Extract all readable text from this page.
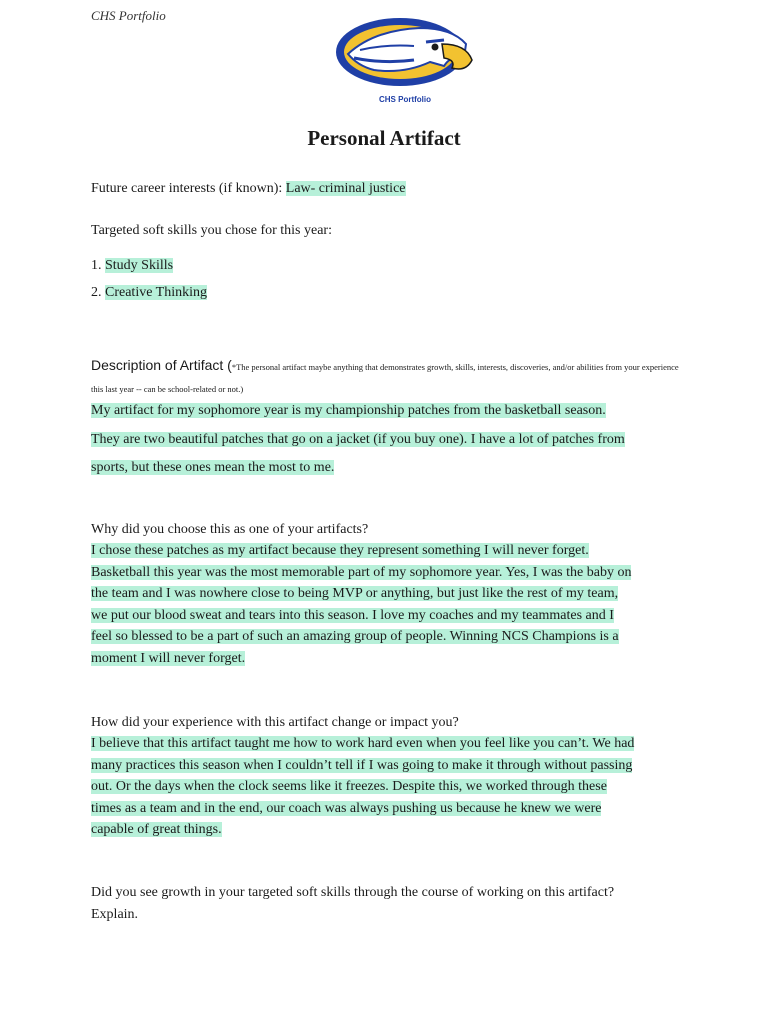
CHS Portfolio
CHS Portfolio
Personal Artifact
Future career interests (if known): Law- criminal justice
Targeted soft skills you chose for this year:
1. Study Skills
2. Creative Thinking
Description of Artifact (*The personal artifact maybe anything that demonstrates growth, skills, interests, discoveries, and/or abilities from your experience this last year -- can be school-related or not.)
My artifact for my sophomore year is my championship patches from the basketball season.
They are two beautiful patches that go on a jacket (if you buy one). I have a lot of patches from
sports, but these ones mean the most to me.
Why did you choose this as one of your artifacts?
I chose these patches as my artifact because they represent something I will never forget.
Basketball this year was the most memorable part of my sophomore year. Yes, I was the baby on
the team and I was nowhere close to being MVP or anything, but just like the rest of my team,
we put our blood sweat and tears into this season. I love my coaches and my teammates and I
feel so blessed to be a part of such an amazing group of people. Winning NCS Champions is a
moment I will never forget.
How did your experience with this artifact change or impact you?
I believe that this artifact taught me how to work hard even when you feel like you can’t. We had
many practices this season when I couldn’t tell if I was going to make it through without passing
out. Or the days when the clock seems like it freezes. Despite this, we worked through these
times as a team and in the end, our coach was always pushing us because he knew we were
capable of great things.
Did you see growth in your targeted soft skills through the course of working on this artifact?
Explain.
